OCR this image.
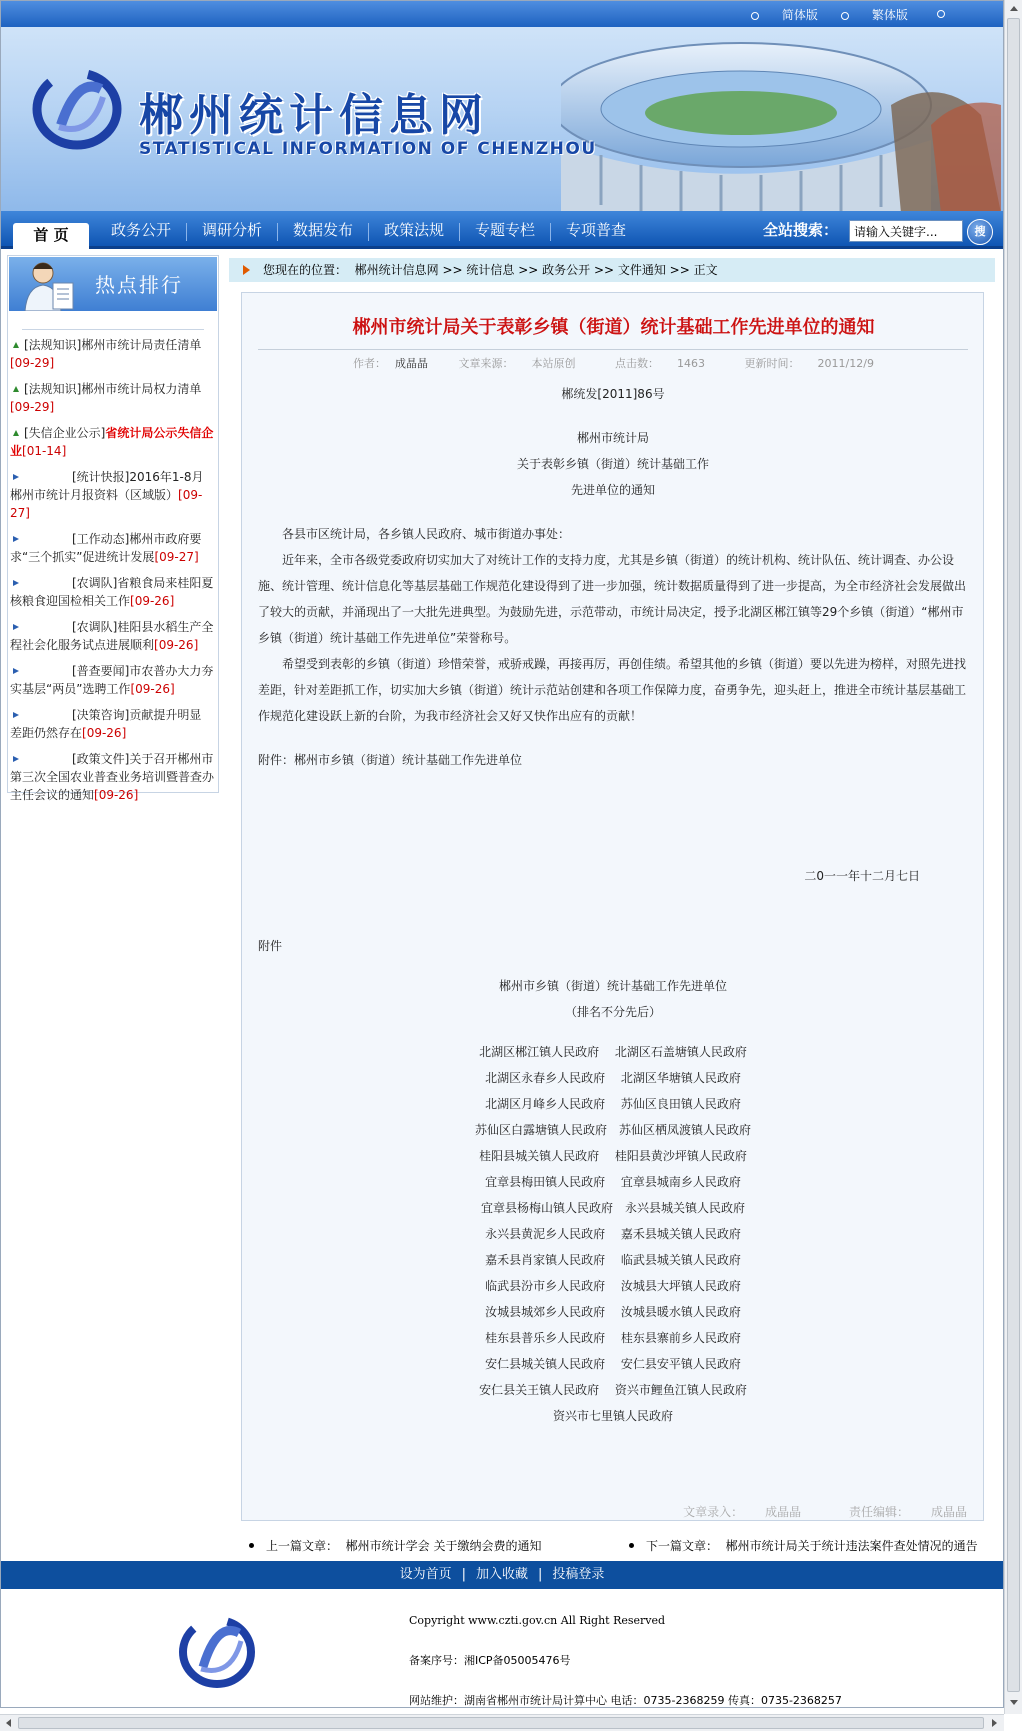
简体版	繁体版
郴州统计信息网
STATISTICAL INFORMATION OF CHENZHOU
首 页	政务公开	调研分析	数据发布	政策法规	专题专栏	专项普查	全站搜索：
请输入关键字...	搜
热点排行
[法规知识]郴州市统计局责任清单
[09-29]
[法规知识]郴州市统计局权力清单
[09-29]
[失信企业公示]省统计局公示失信企业[01-14]
[统计快报]2016年1-8月郴州市统计月报资料（区域版）[09-27]
[工作动态]郴州市政府要求“三个抓实”促进统计发展[09-27]
[农调队]省粮食局来桂阳夏核粮食迎国检相关工作[09-26]
[农调队]桂阳县水稻生产全程社会化服务试点进展顺利[09-26]
[普查要闻]市农普办大力夯实基层“两员”选聘工作[09-26]
[决策咨询]贡献提升明显　差距仍然存在[09-26]
[政策文件]关于召开郴州市第三次全国农业普查业务培训暨普查办主任会议的通知[09-26]
您现在的位置： 郴州统计信息网 >> 统计信息 >> 政务公开 >> 文件通知 >> 正文
郴州市统计局关于表彰乡镇（街道）统计基础工作先进单位的通知
作者： 成晶晶	文章来源： 本站原创	点击数： 1463	更新时间： 2011/12/9
郴统发[2011]86号
郴州市统计局
关于表彰乡镇（街道）统计基础工作
先进单位的通知
各县市区统计局，各乡镇人民政府、城市街道办事处：
近年来，全市各级党委政府切实加大了对统计工作的支持力度，尤其是乡镇（街道）的统计机构、统计队伍、统计调查、办公设施、统计管理、统计信息化等基层基础工作规范化建设得到了进一步加强，统计数据质量得到了进一步提高，为全市经济社会发展做出了较大的贡献，并涌现出了一大批先进典型。为鼓励先进，示范带动，市统计局决定，授予北湖区郴江镇等29个乡镇（街道）“郴州市乡镇（街道）统计基础工作先进单位”荣誉称号。
希望受到表彰的乡镇（街道）珍惜荣誉，戒骄戒躁，再接再厉，再创佳绩。希望其他的乡镇（街道）要以先进为榜样，对照先进找差距，针对差距抓工作，切实加大乡镇（街道）统计示范站创建和各项工作保障力度，奋勇争先，迎头赶上，推进全市统计基层基础工作规范化建设跃上新的台阶，为我市经济社会又好又快作出应有的贡献！
附件：郴州市乡镇（街道）统计基础工作先进单位
二0一一年十二月七日
附件
郴州市乡镇（街道）统计基础工作先进单位
（排名不分先后）
北湖区郴江镇人民政府　 北湖区石盖塘镇人民政府
北湖区永春乡人民政府　 北湖区华塘镇人民政府
北湖区月峰乡人民政府　 苏仙区良田镇人民政府
苏仙区白露塘镇人民政府　苏仙区栖凤渡镇人民政府
桂阳县城关镇人民政府　 桂阳县黄沙坪镇人民政府
宜章县梅田镇人民政府　 宜章县城南乡人民政府
宜章县杨梅山镇人民政府　永兴县城关镇人民政府
永兴县黄泥乡人民政府　 嘉禾县城关镇人民政府
嘉禾县肖家镇人民政府　 临武县城关镇人民政府
临武县汾市乡人民政府　 汝城县大坪镇人民政府
汝城县城郊乡人民政府　 汝城县暖水镇人民政府
桂东县普乐乡人民政府　 桂东县寨前乡人民政府
安仁县城关镇人民政府　 安仁县安平镇人民政府
安仁县关王镇人民政府　 资兴市鲤鱼江镇人民政府
资兴市七里镇人民政府
文章录入： 成晶晶	责任编辑： 成晶晶
上一篇文章： 郴州市统计学会 关于缴纳会费的通知	下一篇文章： 郴州市统计局关于统计违法案件查处情况的通告
设为首页 | 加入收藏 | 投稿登录
Copyright www.czti.gov.cn All Right Reserved
备案序号：湘ICP备05005476号
网站维护：湖南省郴州市统计局计算中心 电话：0735-2368259 传真：0735-2368257
